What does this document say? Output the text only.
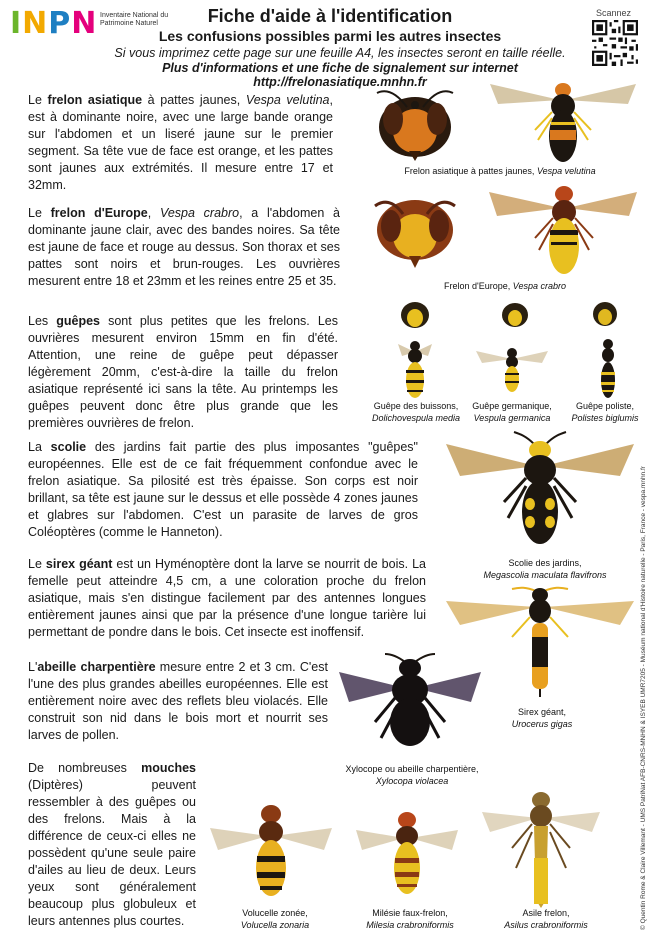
INPN Inventaire National du Patrimoine Naturel	Fiche d'aide à l'identification
Les confusions possibles parmi les autres insectes
Si vous imprimez cette page sur une feuille A4, les insectes seront en taille réelle.
Plus d'informations et une fiche de signalement sur internet http://frelonasiatique.mnhn.fr
Scannez
Le frelon asiatique à pattes jaunes, Vespa velutina, est à dominante noire, avec une large bande orange sur l'abdomen et un liseré jaune sur le premier segment. Sa tête vue de face est orange, et les pattes sont jaunes aux extrémités. Il mesure entre 17 et 32mm.
Frelon asiatique à pattes jaunes, Vespa velutina
Le frelon d'Europe, Vespa crabro, a l'abdomen à dominante jaune clair, avec des bandes noires. Sa tête est jaune de face et rouge au dessus. Son thorax et ses pattes sont noirs et brun-rouges. Les ouvrières mesurent entre 18 et 23mm et les reines entre 25 et 35.	Frelon d'Europe, Vespa crabro
Les guêpes sont plus petites que les frelons. Les ouvrières mesurent environ 15mm en fin d'été. Attention, une reine de guêpe peut dépasser légèrement 20mm, c'est-à-dire la taille du frelon asiatique représenté ici sans la tête. Au printemps les guêpes peuvent donc être plus grande que les premières ouvrières de frelon.
Guêpe des buissons,
Dolichovespula media
Guêpe germanique,
Vespula germanica
Guêpe poliste,
Polistes biglumis
La scolie des jardins fait partie des plus imposantes "guêpes" européennes. Elle est de ce fait fréquemment confondue avec le frelon asiatique. Sa pilosité est très épaisse. Son corps est noir brillant, sa tête est jaune sur le dessus et elle possède 4 zones jaunes et glabres sur l'abdomen. C'est un parasite de larves de gros Coléoptères (comme le Hanneton).
Scolie des jardins,
Megascolia maculata flavifrons
Le sirex géant est un Hyménoptère dont la larve se nourrit de bois. La femelle peut atteindre 4,5 cm, a une coloration proche du frelon asiatique, mais s'en distingue facilement par des antennes longues entièrement jaunes ainsi que par la présence d'une longue tarière lui permettant de pondre dans le bois. Cet insecte est inoffensif.
Sirex géant,
Urocerus gigas
L'abeille charpentière mesure entre 2 et 3 cm. C'est l'une des plus grandes abeilles européennes. Elle est entièrement noire avec des reflets bleu violacés. Elle construit son nid dans le bois mort et nourrit ses larves de pollen.
Xylocope ou abeille charpentière,
Xylocopa violacea
De nombreuses mouches (Diptères) peuvent ressembler à des guêpes ou des frelons. Mais à la différence de ceux-ci elles ne possèdent qu'une seule paire d'ailes au lieu de deux. Leurs yeux sont généralement beaucoup plus globuleux et leurs antennes plus courtes.
Volucelle zonée,
Volucella zonaria
Milésie faux-frelon,
Milesia crabroniformis
Asile frelon,
Asilus crabroniformis	© Quentin Rome & Claire Villemant - UMS PatriNat AFB-CNRS-MNHN & ISYEB UMR7205 - Muséum national d'Histoire naturelle - Paris, France - vespa.mnhn.fr
